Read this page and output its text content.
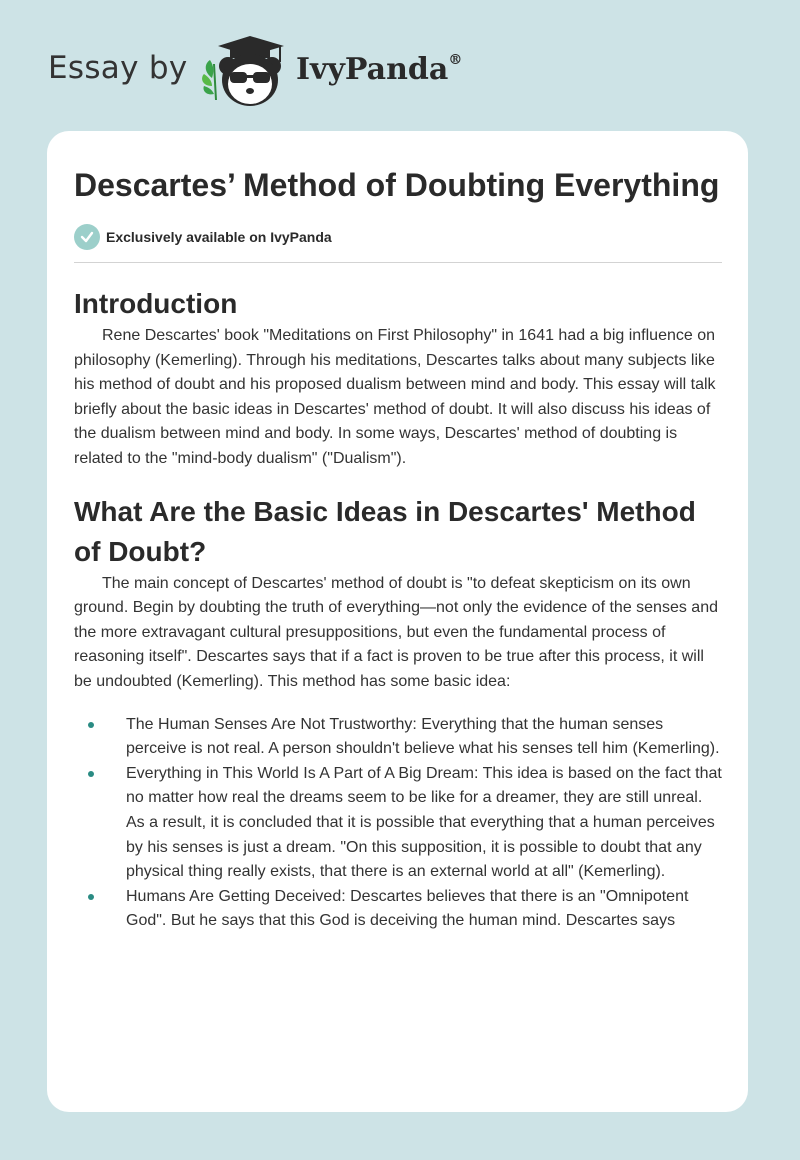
Essay by	IvyPanda®
Descartes’ Method of Doubting Everything
Exclusively available on IvyPanda
Introduction

Rene Descartes' book "Meditations on First Philosophy" in 1641 had a big influence on philosophy (Kemerling). Through his meditations, Descartes talks about many subjects like his method of doubt and his proposed dualism between mind and body. This essay will talk briefly about the basic ideas in Descartes' method of doubt. It will also discuss his ideas of the dualism between mind and body. In some ways, Descartes' method of doubting is related to the "mind-body dualism" ("Dualism").

What Are the Basic Ideas in Descartes' Method of Doubt?

The main concept of Descartes' method of doubt is "to defeat skepticism on its own ground. Begin by doubting the truth of everything—not only the evidence of the senses and the more extravagant cultural presuppositions, but even the fundamental process of reasoning itself". Descartes says that if a fact is proven to be true after this process, it will be undoubted (Kemerling). This method has some basic idea:

The Human Senses Are Not Trustworthy: Everything that the human senses perceive is not real. A person shouldn't believe what his senses tell him (Kemerling).
Everything in This World Is A Part of A Big Dream: This idea is based on the fact that no matter how real the dreams seem to be like for a dreamer, they are still unreal. As a result, it is concluded that it is possible that everything that a human perceives by his senses is just a dream. "On this supposition, it is possible to doubt that any physical thing really exists, that there is an external world at all" (Kemerling).
Humans Are Getting Deceived: Descartes believes that there is an "Omnipotent God". But he says that this God is deceiving the human mind. Descartes says
